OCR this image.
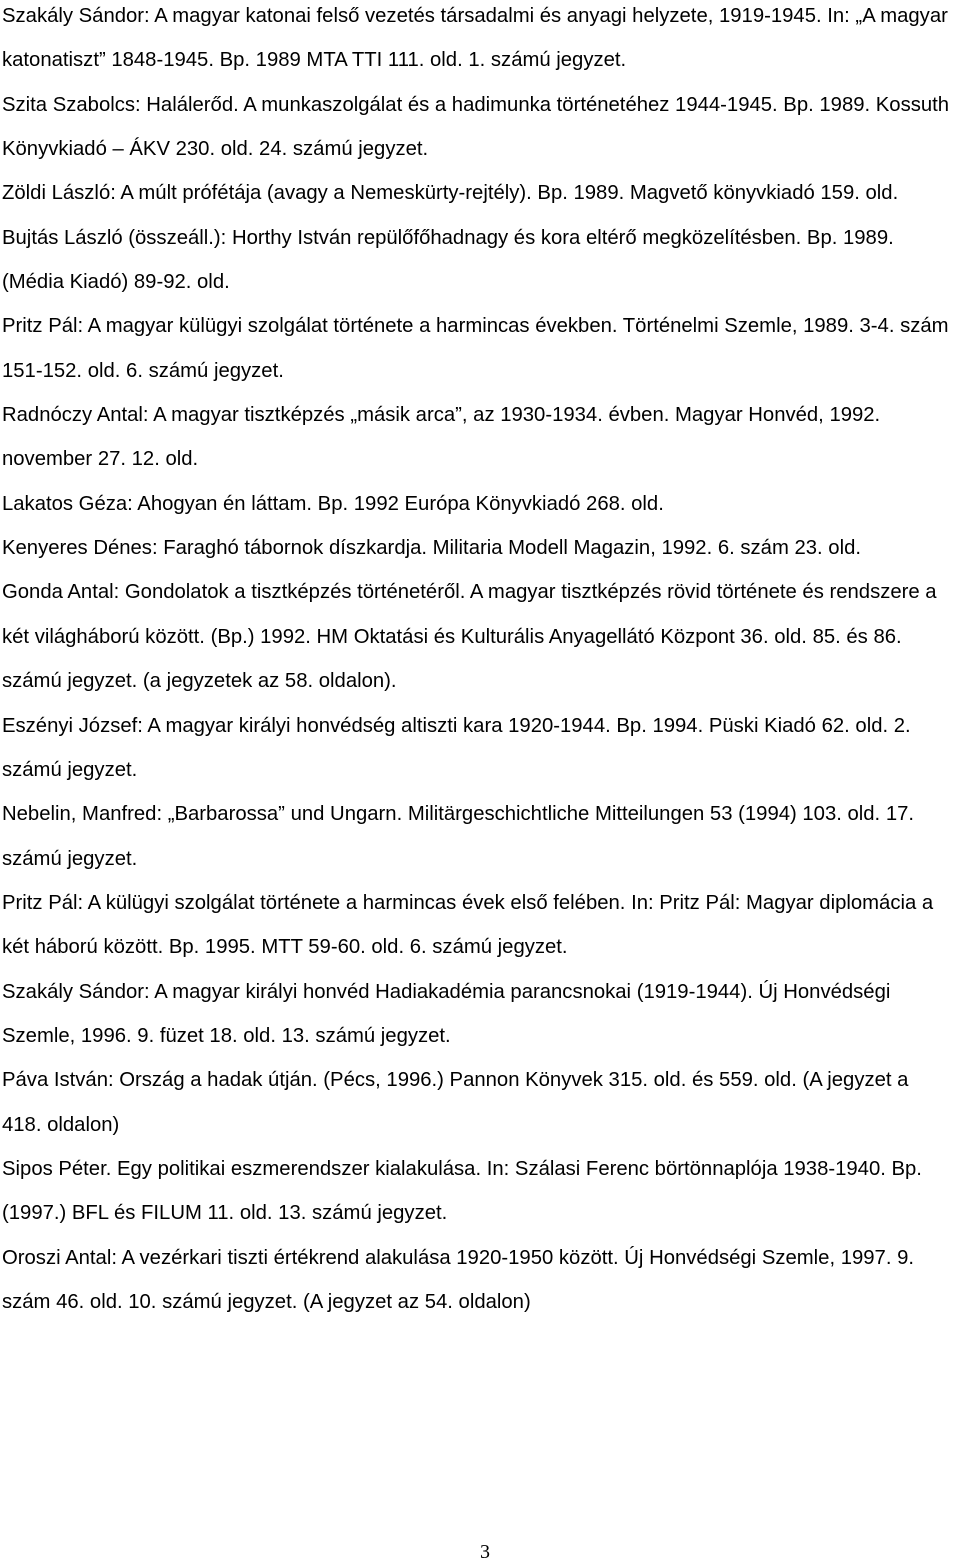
Szakály Sándor: A magyar katonai felső vezetés társadalmi és anyagi helyzete, 1919-1945. In: „A magyar katonatiszt” 1848-1945. Bp. 1989 MTA TTI 111. old. 1. számú jegyzet.

Szita Szabolcs: Halálerőd. A munkaszolgálat és a hadimunka történetéhez 1944-1945. Bp. 1989. Kossuth Könyvkiadó – ÁKV 230. old. 24. számú jegyzet.

Zöldi László: A múlt prófétája (avagy a Nemeskürty-rejtély). Bp. 1989. Magvető könyvkiadó 159. old.

Bujtás László (összeáll.): Horthy István repülőfőhadnagy és kora eltérő megközelítésben. Bp. 1989. (Média Kiadó) 89-92. old.

Pritz Pál: A magyar külügyi szolgálat története a harmincas években. Történelmi Szemle, 1989. 3-4. szám 151-152. old. 6. számú jegyzet.

Radnóczy Antal: A magyar tisztképzés „másik arca”, az 1930-1934. évben. Magyar Honvéd, 1992. november 27. 12. old.

Lakatos Géza: Ahogyan én láttam. Bp. 1992 Európa Könyvkiadó 268. old.

Kenyeres Dénes: Faraghó tábornok díszkardja. Militaria Modell Magazin, 1992. 6. szám 23. old.

Gonda Antal: Gondolatok a tisztképzés történetéről. A magyar tisztképzés rövid története és rendszere a két világháború között. (Bp.) 1992. HM Oktatási és Kulturális Anyagellátó Központ 36. old. 85. és 86. számú jegyzet. (a jegyzetek az 58. oldalon).

Eszényi József: A magyar királyi honvédség altiszti kara 1920-1944. Bp. 1994. Püski Kiadó 62. old. 2. számú jegyzet.

Nebelin, Manfred: „Barbarossa” und Ungarn. Militärgeschichtliche Mitteilungen 53 (1994) 103. old. 17. számú jegyzet.

Pritz Pál: A külügyi szolgálat története a harmincas évek első felében. In: Pritz Pál: Magyar diplomácia a két háború között. Bp. 1995. MTT 59-60. old. 6. számú jegyzet.

Szakály Sándor: A magyar királyi honvéd Hadiakadémia parancsnokai (1919-1944). Új Honvédségi Szemle, 1996. 9. füzet 18. old. 13. számú jegyzet.

Páva István: Ország a hadak útján. (Pécs, 1996.) Pannon Könyvek 315. old. és 559. old. (A jegyzet a 418. oldalon)

Sipos Péter. Egy politikai eszmerendszer kialakulása. In: Szálasi Ferenc börtönnaplója 1938-1940. Bp. (1997.) BFL és FILUM 11. old. 13. számú jegyzet.

Oroszi Antal: A vezérkari tiszti értékrend alakulása 1920-1950 között. Új Honvédségi Szemle, 1997. 9. szám 46. old. 10. számú jegyzet. (A jegyzet az 54. oldalon)

3
